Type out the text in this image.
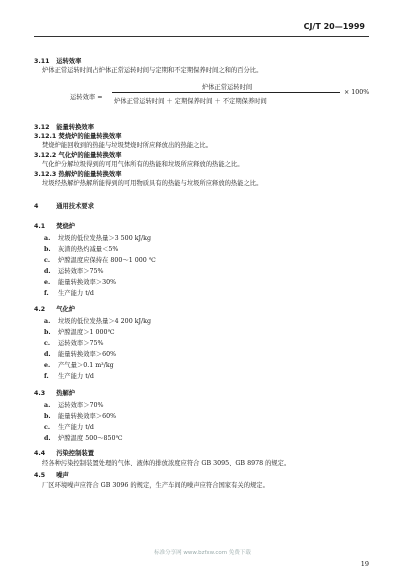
CJ/T 20—1999
3.11 运转效率
炉体正常运转时间占炉体正常运转时间与定期和不定期保养时间之和的百分比。
运转效率 =
炉体正常运转时间
炉体正常运转时间 ＋ 定期保养时间 ＋ 不定期保养时间
× 100%
3.12 能量转换效率
3.12.1 焚烧炉的能量转换效率
焚烧炉能回收到的热能与垃圾焚烧时所应释放出的热能之比。
3.12.2 气化炉的能量转换效率
气化炉分解垃圾得到的可用气体所有的热能和垃圾所应释放的热能之比。
3.12.3 热解炉的能量转换效率
垃圾经热解炉热解所能得到的可用物质具有的热能与垃圾所应释放的热能之比。
4	通用技术要求
4.1 焚烧炉
a. 垃圾的低位发热量＞3 500 kJ/kg
b. 灰渣的热灼减量＜5%
c. 炉膛温度应保持在 800～1 000 ℃
d. 运转效率＞75%
e. 能量转换效率＞30%
f. 生产能力 t/d
4.2 气化炉
a. 垃圾的低位发热量＞4 200 kJ/kg
b. 炉膛温度＞1 000℃
c. 运转效率＞75%
d. 能量转换效率＞60%
e. 产气量＞0.1 m³/kg
f. 生产能力 t/d
4.3 热解炉
a. 运转效率＞70%
b. 能量转换效率＞60%
c. 生产能力 t/d
d. 炉膛温度 500～850℃
4.4 污染控制装置
经各种污染控制装置处理的气体、液体的排放浓度应符合 GB 3095、GB 8978 的规定。
4.5 噪声
厂区环境噪声应符合 GB 3096 的规定，生产车间的噪声应符合国家有关的规定。
标准分享网 www.bzfxw.com 免费下载
19
